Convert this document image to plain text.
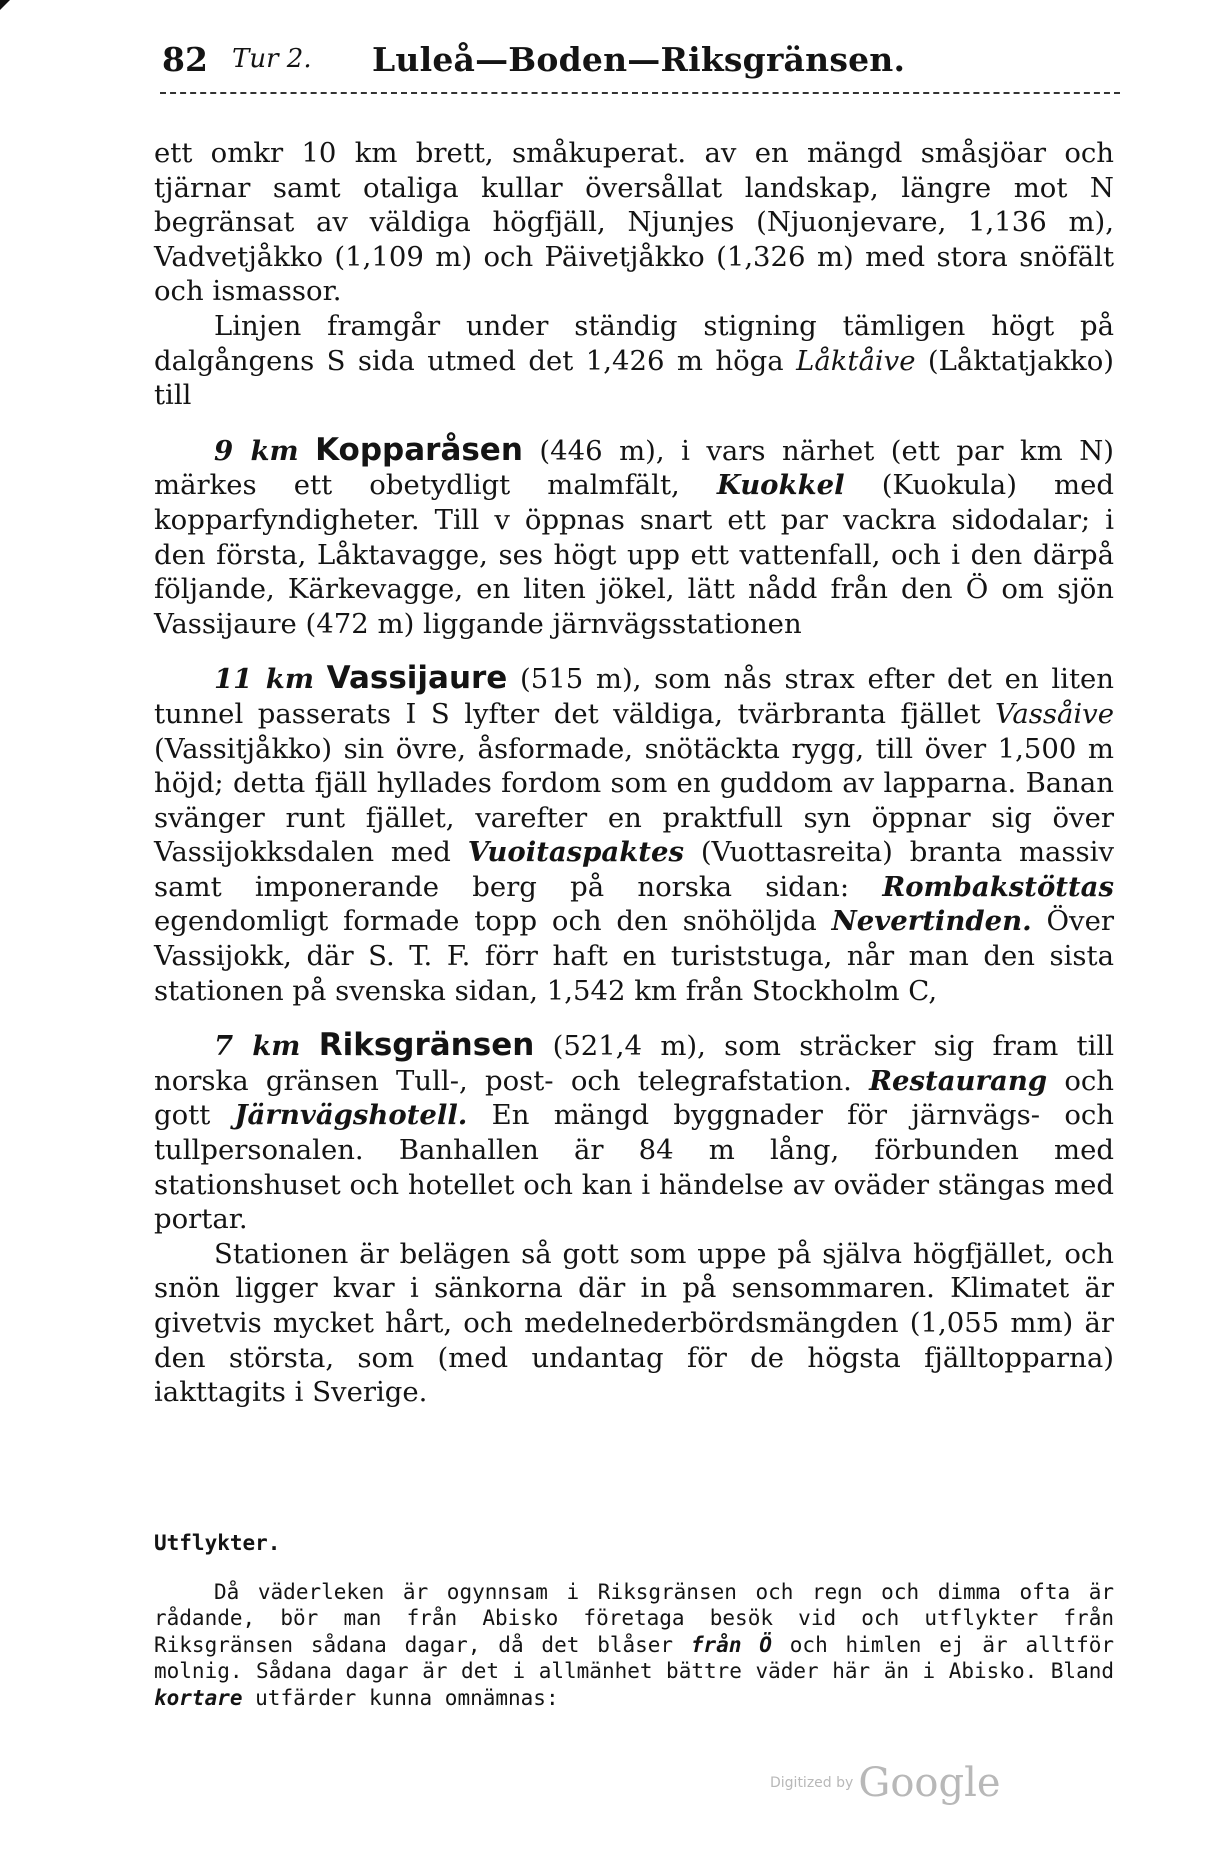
82 Tur 2. Luleå—Boden—Riksgränsen.

ett omkr 10 km brett, småkuperat. av en mängd småsjöar och tjärnar samt otaliga kullar översållat landskap, längre mot N begränsat av väldiga högfjäll, Njunjes (Njuonjevare, 1,136 m), Vadvetjåkko (1,109 m) och Päivetjåkko (1,326 m) med stora snöfält och ismassor.

Linjen framgår under ständig stigning tämligen högt på dalgångens S sida utmed det 1,426 m höga Låktåive (Låktatjakko) till

9 km Kopparåsen (446 m), i vars närhet (ett par km N) märkes ett obetydligt malmfält, Kuokkel (Kuokula) med kopparfyndigheter. Till v öppnas snart ett par vackra sidodalar; i den första, Låktavagge, ses högt upp ett vattenfall, och i den därpå följande, Kärkevagge, en liten jökel, lätt nådd från den Ö om sjön Vassijaure (472 m) liggande järnvägsstationen

11 km Vassijaure (515 m), som nås strax efter det en liten tunnel passerats I S lyfter det väldiga, tvärbranta fjället Vassåive (Vassitjåkko) sin övre, åsformade, snötäckta rygg, till över 1,500 m höjd; detta fjäll hyllades fordom som en guddom av lapparna. Banan svänger runt fjället, varefter en praktfull syn öppnar sig över Vassijokksdalen med Vuoitaspaktes (Vuottasreita) branta massiv samt imponerande berg på norska sidan: Rombakstöttas egendomligt formade topp och den snöhöljda Nevertinden. Över Vassijokk, där S. T. F. förr haft en turiststuga, når man den sista stationen på svenska sidan, 1,542 km från Stockholm C,

7 km Riksgränsen (521,4 m), som sträcker sig fram till norska gränsen Tull-, post- och telegrafstation. Restaurang och gott Järnvägshotell. En mängd byggnader för järnvägs- och tullpersonalen. Banhallen är 84 m lång, förbunden med stationshuset och hotellet och kan i händelse av oväder stängas med portar.

Stationen är belägen så gott som uppe på själva högfjället, och snön ligger kvar i sänkorna där in på sensommaren. Klimatet är givetvis mycket hårt, och medelnederbördsmängden (1,055 mm) är den största, som (med undantag för de högsta fjälltopparna) iakttagits i Sverige.

Utflykter.

Då väderleken är ogynnsam i Riksgränsen och regn och dimma ofta är rådande, bör man från Abisko företaga besök vid och utflykter från Riksgränsen sådana dagar, då det blåser från Ö och himlen ej är alltför molnig. Sådana dagar är det i allmänhet bättre väder här än i Abisko. Bland kortare utfärder kunna omnämnas:

Digitized by Google
